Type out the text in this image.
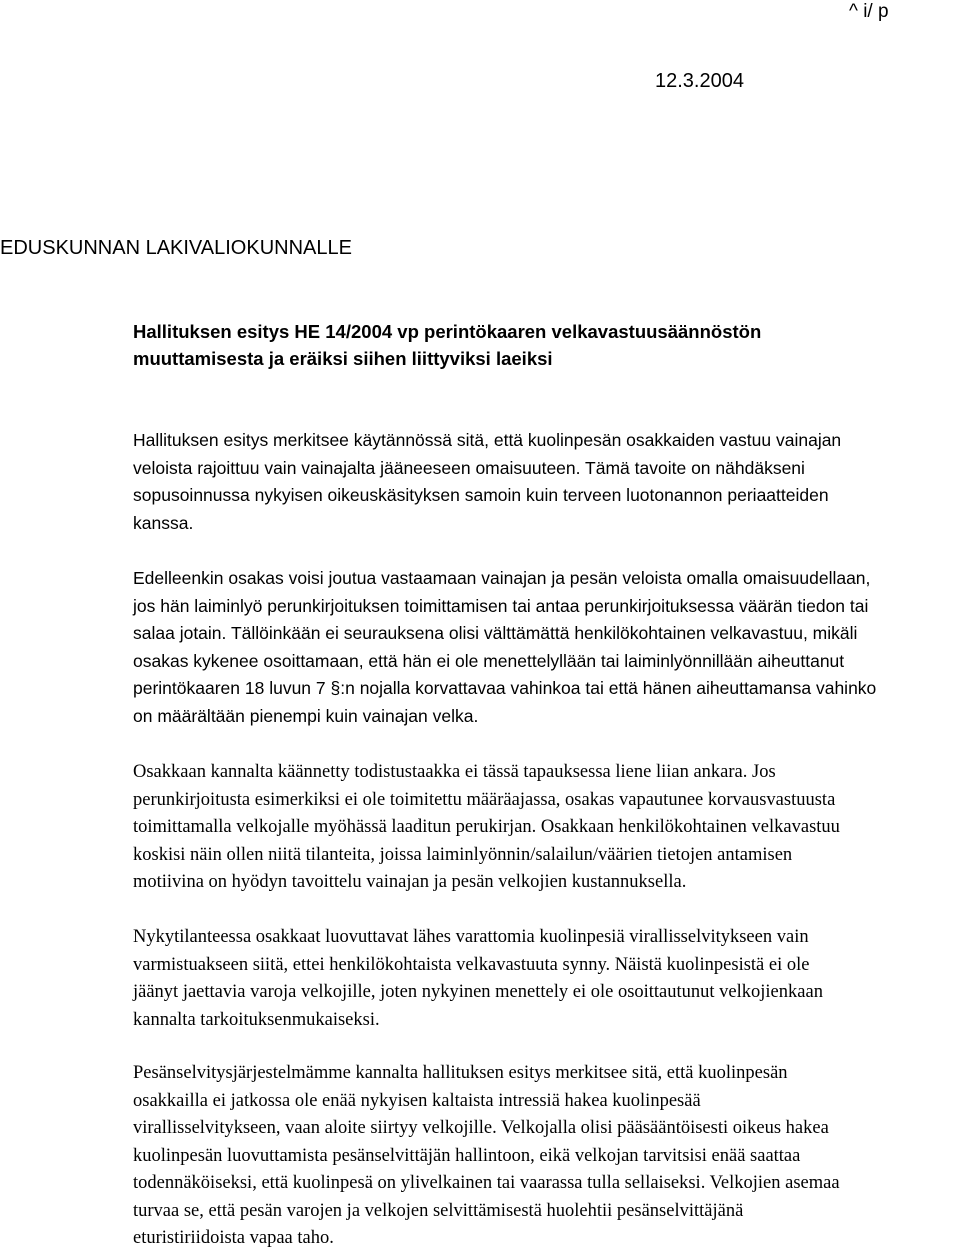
^ i/ p
12.3.2004
EDUSKUNNAN LAKIVALIOKUNNALLE
Hallituksen esitys HE 14/2004 vp perintökaaren velkavastuusäännöstön
muuttamisesta ja eräiksi siihen liittyviksi laeiksi
Hallituksen esitys merkitsee käytännössä sitä, että kuolinpesän osakkaiden vastuu vainajan
veloista rajoittuu vain vainajalta jääneeseen omaisuuteen. Tämä tavoite on nähdäkseni
sopusoinnussa nykyisen oikeuskäsityksen samoin kuin terveen luotonannon periaatteiden
kanssa.
Edelleenkin osakas voisi joutua vastaamaan vainajan ja pesän veloista omalla omaisuudellaan,
jos hän laiminlyö perunkirjoituksen toimittamisen tai antaa perunkirjoituksessa väärän tiedon tai
salaa jotain. Tällöinkään ei seurauksena olisi välttämättä henkilökohtainen velkavastuu, mikäli
osakas kykenee osoittamaan, että hän ei ole menettelyllään tai laiminlyönnillään aiheuttanut
perintökaaren 18 luvun 7 §:n nojalla korvattavaa vahinkoa tai että hänen aiheuttamansa vahinko
on määrältään pienempi kuin vainajan velka.
Osakkaan kannalta käännetty todistustaakka ei tässä tapauksessa liene liian ankara. Jos
perunkirjoitusta esimerkiksi ei ole toimitettu määräajassa, osakas vapautunee korvausvastuusta
toimittamalla velkojalle myöhässä laaditun perukirjan. Osakkaan henkilökohtainen velkavastuu
koskisi näin ollen niitä tilanteita, joissa laiminlyönnin/salailun/väärien tietojen antamisen
motiivina on hyödyn tavoittelu vainajan ja pesän velkojien kustannuksella.
Nykytilanteessa osakkaat luovuttavat lähes varattomia kuolinpesiä virallisselvitykseen vain
varmistuakseen siitä, ettei henkilökohtaista velkavastuuta synny. Näistä kuolinpesistä ei ole
jäänyt jaettavia varoja velkojille, joten nykyinen menettely ei ole osoittautunut velkojienkaan
kannalta tarkoituksenmukaiseksi.
Pesänselvitysjärjestelmämme kannalta hallituksen esitys merkitsee sitä, että kuolinpesän
osakkailla ei jatkossa ole enää nykyisen kaltaista intressiä hakea kuolinpesää
virallisselvitykseen, vaan aloite siirtyy velkojille. Velkojalla olisi pääsääntöisesti oikeus hakea
kuolinpesän luovuttamista pesänselvittäjän hallintoon, eikä velkojan tarvitsisi enää saattaa
todennäköiseksi, että kuolinpesä on ylivelkainen tai vaarassa tulla sellaiseksi. Velkojien asemaa
turvaa se, että pesän varojen ja velkojen selvittämisestä huolehtii pesänselvittäjänä
eturistiriidoista vapaa taho.
